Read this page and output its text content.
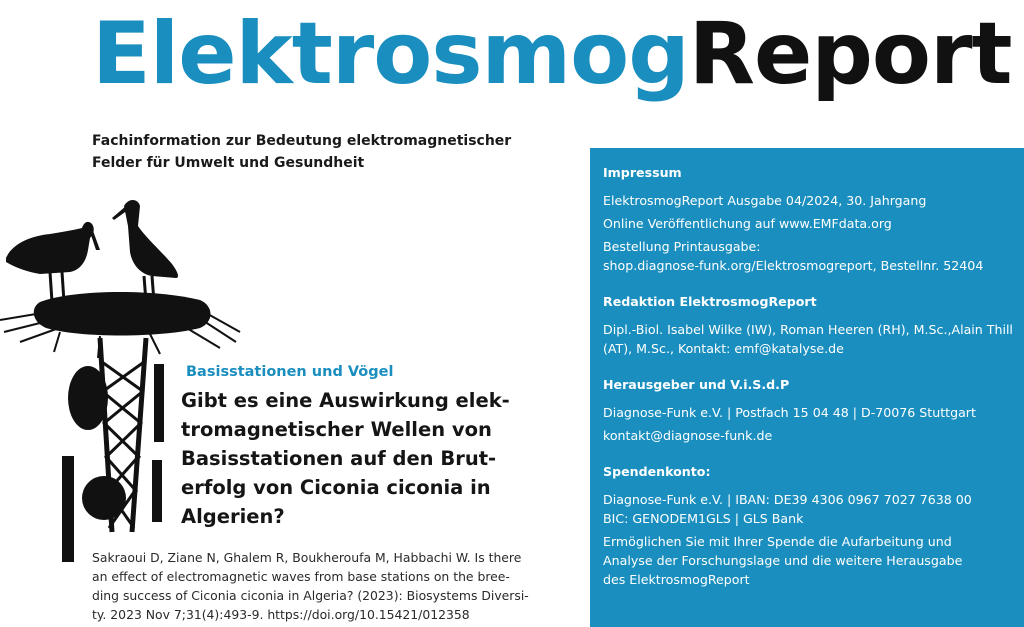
ElektrosmogReport
Fachinformation zur Bedeutung elektromagnetischer
Felder für Umwelt und Gesundheit
Basisstationen und Vögel
Gibt es eine Auswirkung elek-
tromagnetischer Wellen von
Basisstationen auf den Brut-
erfolg von Ciconia ciconia in
Algerien?
Sakraoui D, Ziane N, Ghalem R, Boukheroufa M, Habbachi W. Is there
an effect of electromagnetic waves from base stations on the bree-
ding success of Ciconia ciconia in Algeria? (2023): Biosystems Diversi-
ty. 2023 Nov 7;31(4):493-9. https://doi.org/10.15421/012358
Impressum
ElektrosmogReport Ausgabe 04/2024, 30. Jahrgang
Online Veröffentlichung auf www.EMFdata.org
Bestellung Printausgabe:
shop.diagnose-funk.org/Elektrosmogreport, Bestellnr. 52404
Redaktion ElektrosmogReport
Dipl.-Biol. Isabel Wilke (IW), Roman Heeren (RH), M.Sc.,Alain Thill
(AT), M.Sc., Kontakt: emf@katalyse.de
Herausgeber und V.i.S.d.P
Diagnose-Funk e.V. | Postfach 15 04 48 | D-70076 Stuttgart
kontakt@diagnose-funk.de
Spendenkonto:
Diagnose-Funk e.V. | IBAN: DE39 4306 0967 7027 7638 00
BIC: GENODEM1GLS | GLS Bank
Ermöglichen Sie mit Ihrer Spende die Aufarbeitung und
Analyse der Forschungslage und die weitere Herausgabe
des ElektrosmogReport
